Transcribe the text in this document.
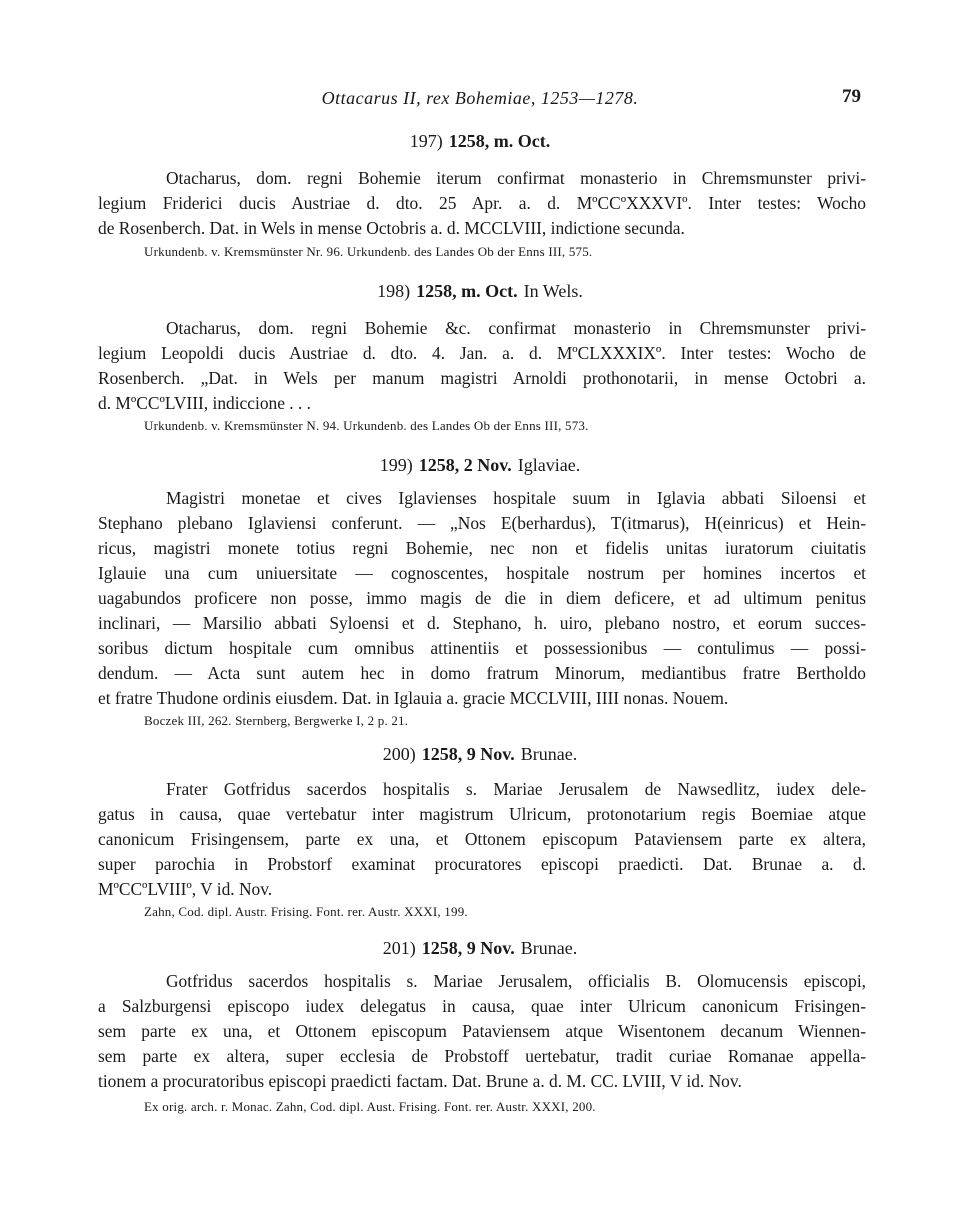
Ottacarus II, rex Bohemiae, 1253—1278.	79
197) 1258, m. Oct.
Otacharus, dom. regni Bohemie iterum confirmat monasterio in Chremsmunster privi-
legium Friderici ducis Austriae d. dto. 25 Apr. a. d. MºCCºXXXVIº. Inter testes: Wocho
de Rosenberch. Dat. in Wels in mense Octobris a. d. MCCLVIII, indictione secunda.
Urkundenb. v. Kremsmünster Nr. 96. Urkundenb. des Landes Ob der Enns III, 575.
198) 1258, m. Oct. In Wels.
Otacharus, dom. regni Bohemie &c. confirmat monasterio in Chremsmunster privi-
legium Leopoldi ducis Austriae d. dto. 4. Jan. a. d. MºCLXXXIXº. Inter testes: Wocho de
Rosenberch. „Dat. in Wels per manum magistri Arnoldi prothonotarii, in mense Octobri a.
d. MºCCºLVIII, indiccione . . .
Urkundenb. v. Kremsmünster N. 94. Urkundenb. des Landes Ob der Enns III, 573.
199) 1258, 2 Nov. Iglaviae.
Magistri monetae et cives Iglavienses hospitale suum in Iglavia abbati Siloensi et
Stephano plebano Iglaviensi conferunt. — „Nos E(berhardus), T(itmarus), H(einricus) et Hein-
ricus, magistri monete totius regni Bohemie, nec non et fidelis unitas iuratorum ciuitatis
Iglauie una cum uniuersitate — cognoscentes, hospitale nostrum per homines incertos et
uagabundos proficere non posse, immo magis de die in diem deficere, et ad ultimum penitus
inclinari, — Marsilio abbati Syloensi et d. Stephano, h. uiro, plebano nostro, et eorum succes-
soribus dictum hospitale cum omnibus attinentiis et possessionibus — contulimus — possi-
dendum. — Acta sunt autem hec in domo fratrum Minorum, mediantibus fratre Bertholdo
et fratre Thudone ordinis eiusdem. Dat. in Iglauia a. gracie MCCLVIII, IIII nonas. Nouem.
Boczek III, 262. Sternberg, Bergwerke I, 2 p. 21.
200) 1258, 9 Nov. Brunae.
Frater Gotfridus sacerdos hospitalis s. Mariae Jerusalem de Nawsedlitz, iudex dele-
gatus in causa, quae vertebatur inter magistrum Ulricum, protonotarium regis Boemiae atque
canonicum Frisingensem, parte ex una, et Ottonem episcopum Pataviensem parte ex altera,
super parochia in Probstorf examinat procuratores episcopi praedicti. Dat. Brunae a. d.
MºCCºLVIIIº, V id. Nov.
Zahn, Cod. dipl. Austr. Frising. Font. rer. Austr. XXXI, 199.
201) 1258, 9 Nov. Brunae.
Gotfridus sacerdos hospitalis s. Mariae Jerusalem, officialis B. Olomucensis episcopi,
a Salzburgensi episcopo iudex delegatus in causa, quae inter Ulricum canonicum Frisingen-
sem parte ex una, et Ottonem episcopum Pataviensem atque Wisentonem decanum Wiennen-
sem parte ex altera, super ecclesia de Probstoff uertebatur, tradit curiae Romanae appella-
tionem a procuratoribus episcopi praedicti factam. Dat. Brune a. d. M. CC. LVIII, V id. Nov.
Ex orig. arch. r. Monac. Zahn, Cod. dipl. Aust. Frising. Font. rer. Austr. XXXI, 200.
